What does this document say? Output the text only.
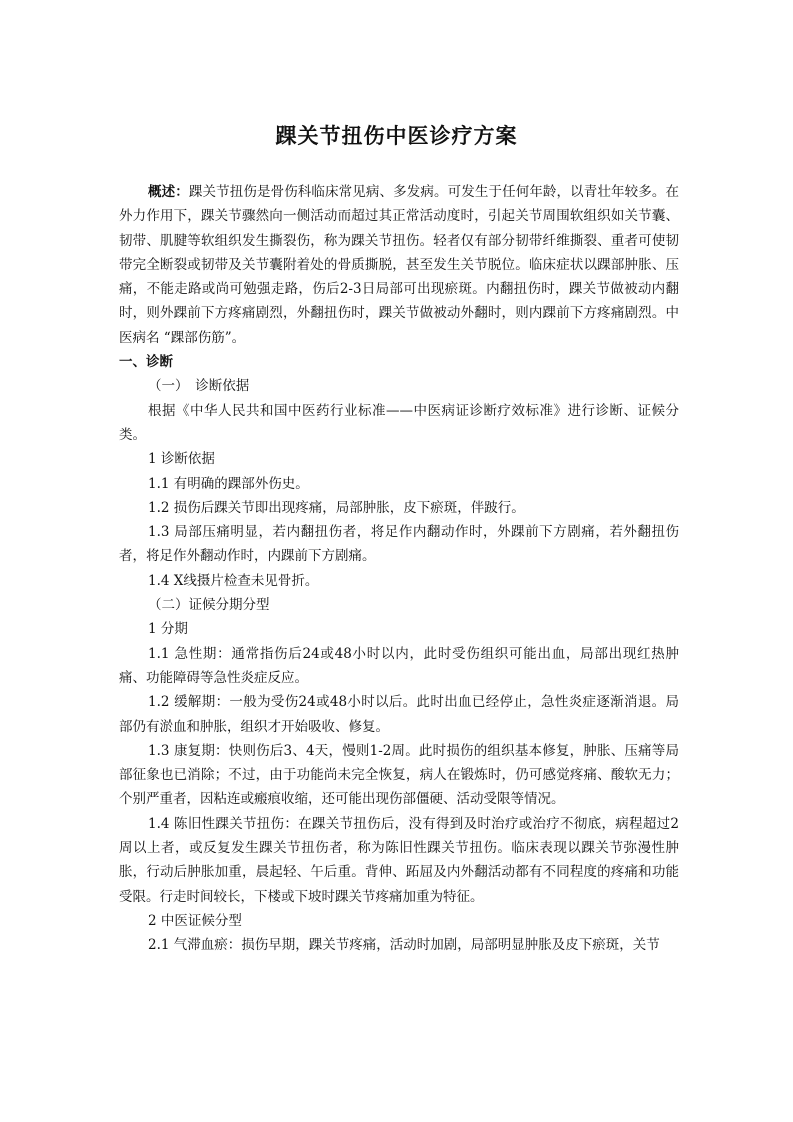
踝关节扭伤中医诊疗方案

概述：踝关节扭伤是骨伤科临床常见病、多发病。可发生于任何年龄，以青壮年较多。在外力作用下，踝关节骤然向一侧活动而超过其正常活动度时，引起关节周围软组织如关节囊、韧带、肌腱等软组织发生撕裂伤，称为踝关节扭伤。轻者仅有部分韧带纤维撕裂、重者可使韧带完全断裂或韧带及关节囊附着处的骨质撕脱，甚至发生关节脱位。临床症状以踝部肿胀、压痛，不能走路或尚可勉强走路，伤后2-3日局部可出现瘀斑。内翻扭伤时，踝关节做被动内翻时，则外踝前下方疼痛剧烈，外翻扭伤时，踝关节做被动外翻时，则内踝前下方疼痛剧烈。中医病名 “踝部伤筋”。

一、诊断

（一）　诊断依据

根据《中华人民共和国中医药行业标准——中医病证诊断疗效标准》进行诊断、证候分类。

1 诊断依据

1.1 有明确的踝部外伤史。

1.2 损伤后踝关节即出现疼痛，局部肿胀，皮下瘀斑，伴跛行。

1.3 局部压痛明显，若内翻扭伤者，将足作内翻动作时，外踝前下方剧痛，若外翻扭伤者，将足作外翻动作时，内踝前下方剧痛。

1.4 X线摄片检查未见骨折。

（二）证候分期分型

1 分期

1.1 急性期：通常指伤后24或48小时以内，此时受伤组织可能出血，局部出现红热肿痛、功能障碍等急性炎症反应。

1.2 缓解期：一般为受伤24或48小时以后。此时出血已经停止，急性炎症逐渐消退。局部仍有淤血和肿胀，组织才开始吸收、修复。

1.3 康复期：快则伤后3、4天，慢则1-2周。此时损伤的组织基本修复，肿胀、压痛等局部征象也已消除；不过，由于功能尚未完全恢复，病人在锻炼时，仍可感觉疼痛、酸软无力；个别严重者，因粘连或瘢痕收缩，还可能出现伤部僵硬、活动受限等情况。

1.4 陈旧性踝关节扭伤：在踝关节扭伤后，没有得到及时治疗或治疗不彻底，病程超过2周以上者，或反复发生踝关节扭伤者，称为陈旧性踝关节扭伤。临床表现以踝关节弥漫性肿胀，行动后肿胀加重，晨起轻、午后重。背伸、跖屈及内外翻活动都有不同程度的疼痛和功能受限。行走时间较长，下楼或下坡时踝关节疼痛加重为特征。

2 中医证候分型

2.1 气滞血瘀：损伤早期，踝关节疼痛，活动时加剧，局部明显肿胀及皮下瘀斑，关节
